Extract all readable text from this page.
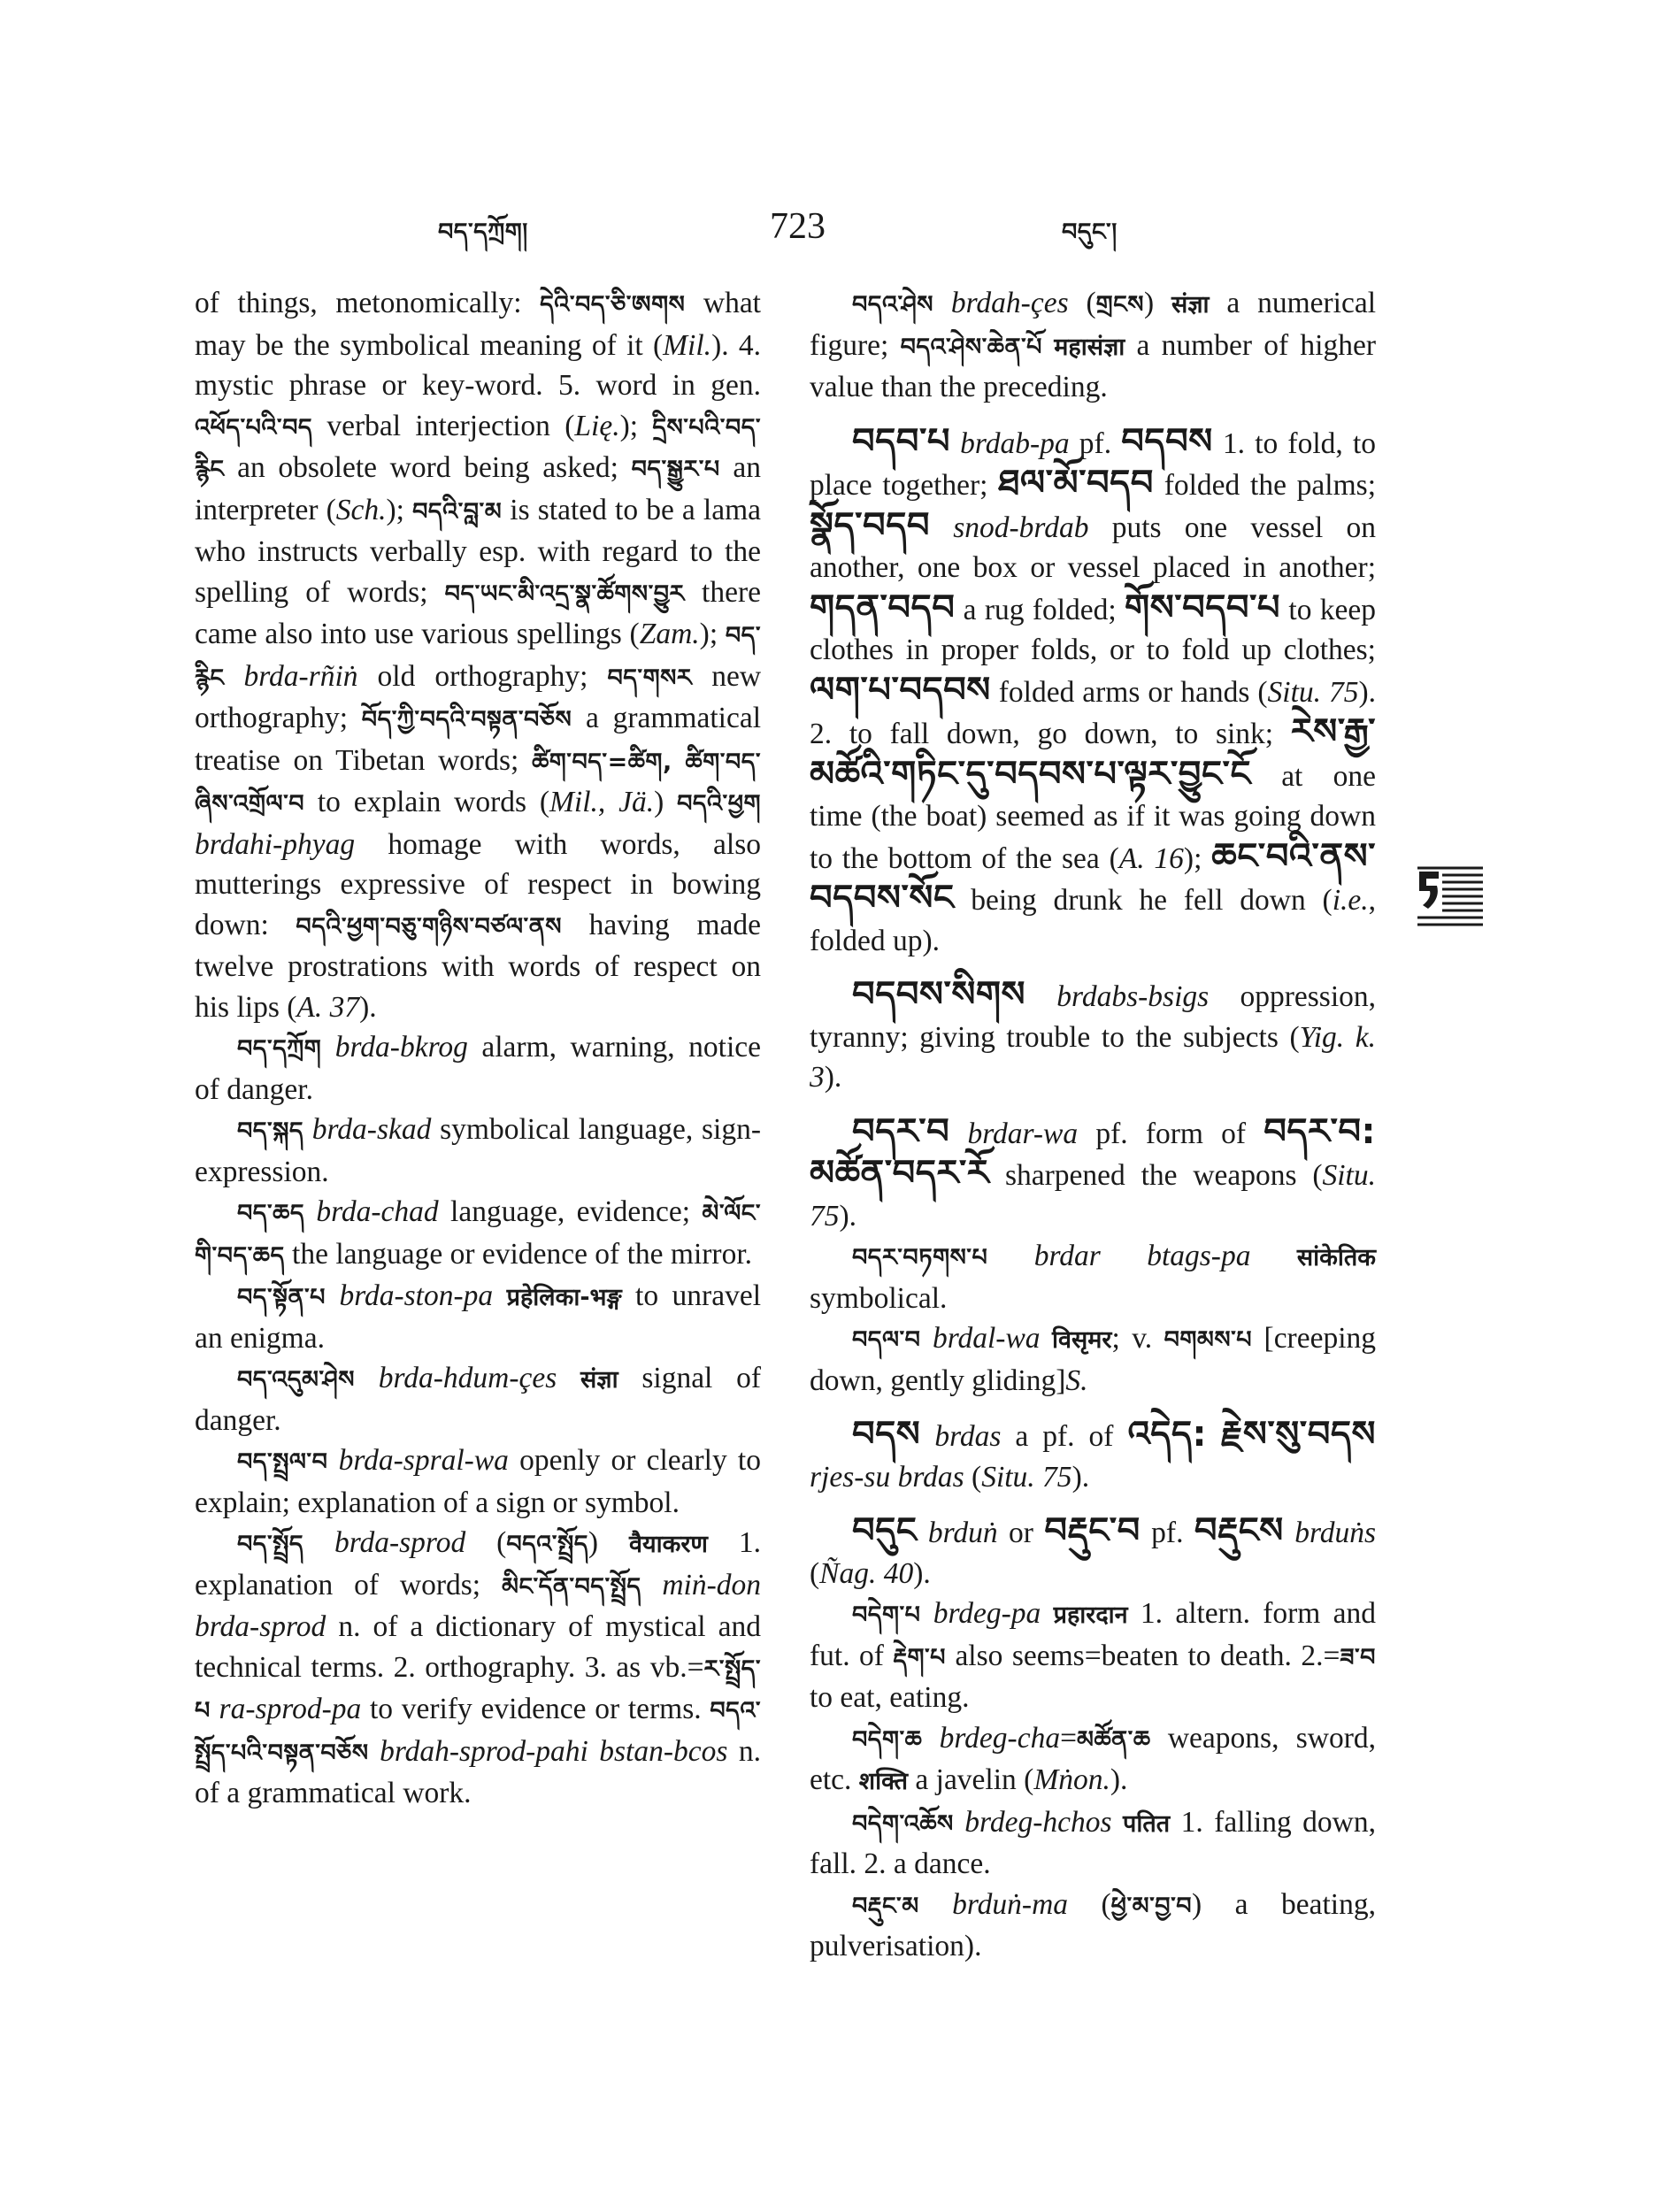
བད་དཀྲོག།	723	བདུང་།

of things, metonomically: དེའི་བད་ཅི་ཨགས what may be the symbolical meaning of it (Mil.). 4. mystic phrase or key-word. 5. word in gen. འཕོད་པའི་བད verbal interjection (Lię.); དྲིས་པའི་བད་རྙིང an obsolete word being asked; བད་སྒྱུར་པ an interpreter (Sch.); བདའི་བླ་མ is stated to be a lama who instructs verbally esp. with regard to the spelling of words; བད་ཡང་མི་འདྲ་སྣ་ཚོགས་བྱུར there came also into use various spellings (Zam.); བད་རྙིང brda-rñiṅ old orthography; བད་གསར new orthography; བོད་ཀྱི་བདའི་བསྟན་བཅོས a grammatical treatise on Tibetan words; ཚིག་བད་=ཚིག, ཚིག་བད་ཞིས་འགྲོལ་བ to explain words (Mil., Jä.) བདའི་ཕྱག brdahi-phyag homage with words, also mutterings expressive of respect in bowing down: བདའི་ཕྱག་བཅུ་གཉིས་བཙལ་ནས having made twelve prostrations with words of respect on his lips (A. 37).

བད་དཀྲོག brda-bkrog alarm, warning, notice of danger.

བད་སྐད brda-skad symbolical language, sign-expression.

བད་ཆད brda-chad language, evidence; མེ་ལོང་གི་བད་ཆད the language or evidence of the mirror.

བད་སྟོན་པ brda-ston-pa प्रहेलिका-भङ्ग to unravel an enigma.

བད་འདུམ་ཤེས brda-hdum-çes संज्ञा signal of danger.

བད་སྤྲལ་བ brda-spral-wa openly or clearly to explain; explanation of a sign or symbol.

བད་སྤྲོད brda-sprod (བདའ་སྤྲོད) वैयाकरण 1. explanation of words; མིང་དོན་བད་སྤྲོད miṅ-don brda-sprod n. of a dictionary of mystical and technical terms. 2. orthography. 3. as vb.=ར་སྤྲོད་པ ra-sprod-pa to verify evidence or terms. བདའ་སྤྲོད་པའི་བསྟན་བཅོས brdah-sprod-pahi bstan-bcos n. of a grammatical work.

བདའ་ཤེས brdah-çes (གྲངས) संज्ञा a numerical figure; བདའ་ཤེས་ཆེན་པོ महासंज्ञा a number of higher value than the preceding.

བདབ་པ brdab-pa pf. བདབས 1. to fold, to place together; ཐལ་མོ་བདབ folded the palms; སྣོད་བདབ snod-brdab puts one vessel on another, one box or vessel placed in another; གདན་བདབ a rug folded; གོས་བདབ་པ to keep clothes in proper folds, or to fold up clothes; ལག་པ་བདབས folded arms or hands (Situ. 75). 2. to fall down, go down, to sink; རེས་རྒྱ་མཚོའི་གཏིང་དུ་བདབས་པ་ལྟར་བྱུང་ངོ at one time (the boat) seemed as if it was going down to the bottom of the sea (A. 16); ཆང་བའི་ནས་བདབས་སོང being drunk he fell down (i.e., folded up).

བདབས་སིགས brdabs-bsigs oppression, tyranny; giving trouble to the subjects (Yig. k. 3).

བདར་བ brdar-wa pf. form of བདར་བ: མཚོན་བདར་རོ sharpened the weapons (Situ. 75).

བདར་བཏགས་པ brdar btags-pa सांकेतिक symbolical.

བདལ་བ brdal-wa विसृमर; v. བགམས་པ [creeping down, gently gliding]S.

བདས brdas a pf. of འདེད: རྗེས་སུ་བདས rjes-su brdas (Situ. 75).

བདུང brduṅ or བརྡུང་བ pf. བརྡུངས brduṅs (Ñag. 40).

བདེག་པ brdeg-pa प्रहारदान 1. altern. form and fut. of རྡེག་པ also seems=beaten to death. 2.=ཟ་བ to eat, eating.

བདེག་ཆ brdeg-cha=མཚོན་ཆ weapons, sword, etc. शक्ति a javelin (Mṅon.).

བདེག་འཆོས brdeg-hchos पतित 1. falling down, fall. 2. a dance.

བརྡུང་མ brduṅ-ma (ཕྱེ་མ་བྱ་བ) a beating, pulverisation).
